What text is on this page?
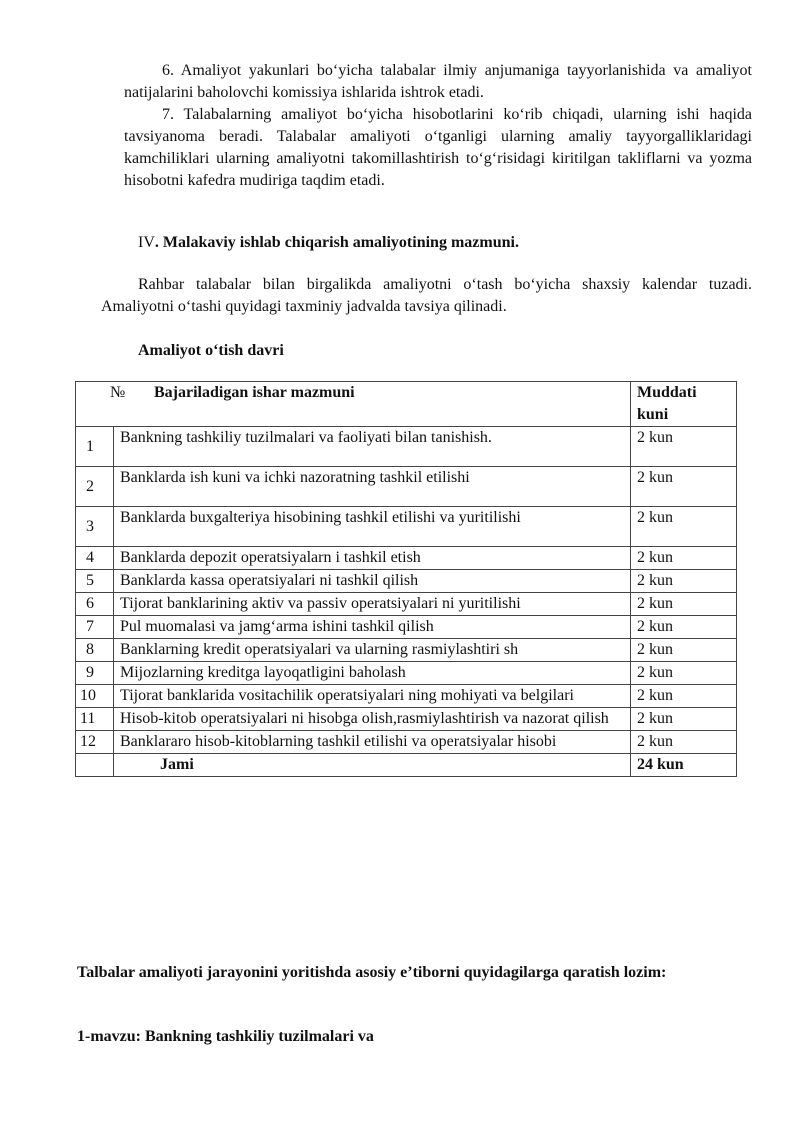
6. Amaliyot yakunlari bo‘yicha talabalar ilmiy anjumaniga tayyorlanishida va amaliyot natijalarini baholovchi komissiya ishlarida ishtrok etadi.

7. Talabalarning amaliyot bo‘yicha hisobotlarini ko‘rib chiqadi, ularning ishi haqida tavsiyanoma beradi. Talabalar amaliyoti o‘tganligi ularning amaliy tayyorgalliklaridagi kamchiliklari ularning amaliyotni takomillashtirish to‘g‘risidagi kiritilgan takliflarni va yozma hisobotni kafedra mudiriga taqdim etadi.

IV. Malakaviy ishlab chiqarish amaliyotining mazmuni.

Rahbar talabalar bilan birgalikda amaliyotni o‘tash bo‘yicha shaxsiy kalendar tuzadi. Amaliyotni o‘tashi quyidagi taxminiy jadvalda tavsiya qilinadi.

Amaliyot o‘tish davri
№ Bajariladigan ishar mazmuni		Muddati kuni
1	Bankning tashkiliy tuzilmalari va faoliyati bilan tanishish.	2 kun
2	Banklarda ish kuni va ichki nazoratning tashkil etilishi	2 kun
3	Banklarda buxgalteriya hisobining tashkil etilishi va yuritilishi	2 kun
4	Banklarda depozit operatsiyalarn i tashkil etish	2 kun
5	Banklarda kassa operatsiyalari ni tashkil qilish	2 kun
6	Tijorat banklarining aktiv va passiv operatsiyalari ni yuritilishi	2 kun
7	Pul muomalasi va jamg‘arma ishini tashkil qilish	2 kun
8	Banklarning kredit operatsiyalari va ularning rasmiylashtiri sh	2 kun
9	Mijozlarning kreditga layoqatligini baholash	2 kun
10	Tijorat banklarida vositachilik operatsiyalari ning mohiyati va belgilari	2 kun
11	Hisob-kitob operatsiyalari ni hisobga olish,rasmiylashtirish va nazorat qilish	2 kun
12	Banklararo hisob-kitoblarning tashkil etilishi va operatsiyalar hisobi	2 kun
	Jami	24 kun

Talbalar amaliyoti jarayonini yoritishda asosiy e’tiborni quyidagilarga qaratish lozim:

1-mavzu: Bankning tashkiliy tuzilmalari va
